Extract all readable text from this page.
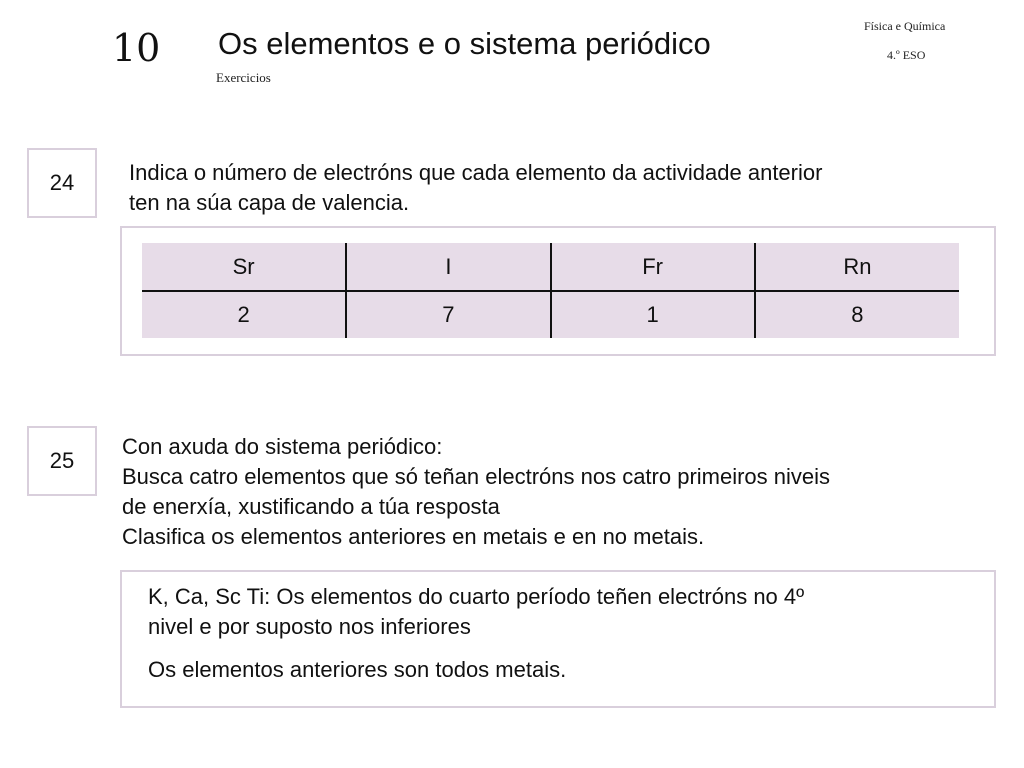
10 Os elementos e o sistema periódico
Exercicios
Física e Química
4.º ESO
24 Indica o número de electróns que cada elemento da actividade anterior
ten na súa capa de valencia.
Sr	I	Fr	Rn
2	7	1	8
25
Con axuda do sistema periódico:
Busca catro elementos que só teñan electróns nos catro primeiros niveis
de enerxía, xustificando a túa resposta
Clasifica os elementos anteriores en metais e en no metais.
K, Ca, Sc Ti: Os elementos do cuarto período teñen electróns no 4º
nivel e por suposto nos inferiores
Os elementos anteriores son todos metais.
